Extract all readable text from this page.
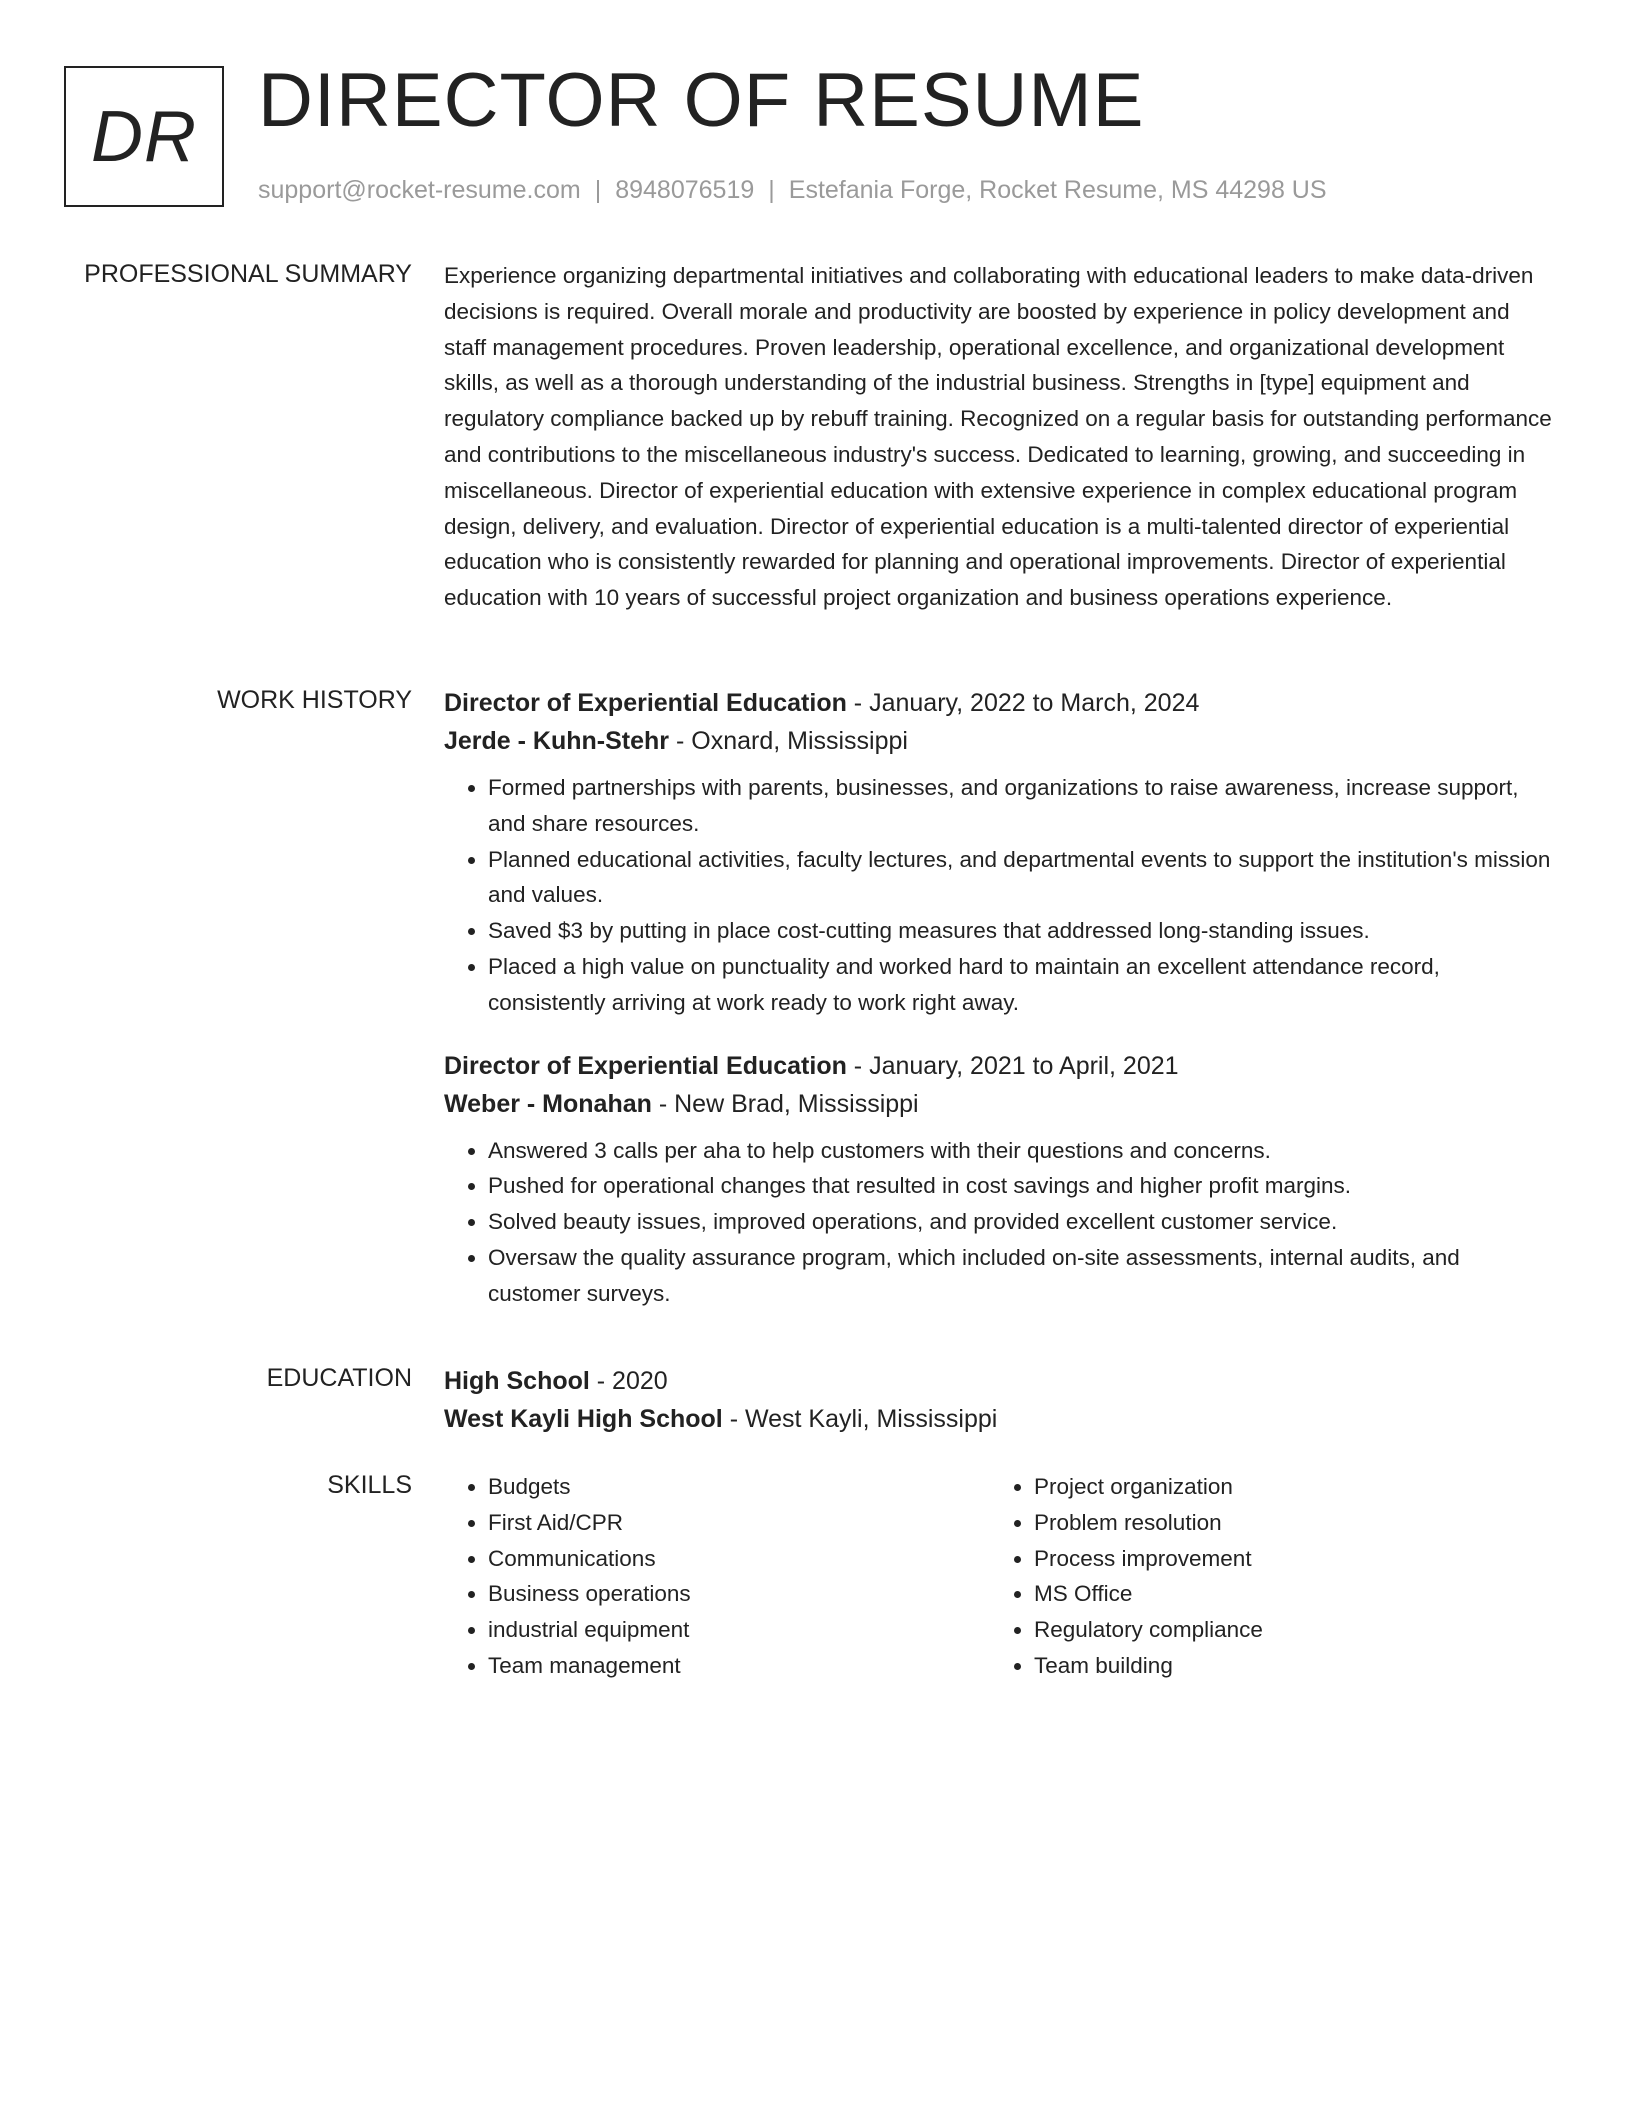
DR DIRECTOR OF RESUME
support@rocket-resume.com | 8948076519 | Estefania Forge, Rocket Resume, MS 44298 US
PROFESSIONAL SUMMARY Experience organizing departmental initiatives and collaborating with educational leaders to make data-driven decisions is required. Overall morale and productivity are boosted by experience in policy development and staff management procedures. Proven leadership, operational excellence, and organizational development skills, as well as a thorough understanding of the industrial business. Strengths in [type] equipment and regulatory compliance backed up by rebuff training. Recognized on a regular basis for outstanding performance and contributions to the miscellaneous industry's success. Dedicated to learning, growing, and succeeding in miscellaneous. Director of experiential education with extensive experience in complex educational program design, delivery, and evaluation. Director of experiential education is a multi-talented director of experiential education who is consistently rewarded for planning and operational improvements. Director of experiential education with 10 years of successful project organization and business operations experience.

WORK HISTORY Director of Experiential Education - January, 2022 to March, 2024
Jerde - Kuhn-Stehr - Oxnard, Mississippi
• Formed partnerships with parents, businesses, and organizations to raise awareness, increase support, and share resources.
• Planned educational activities, faculty lectures, and departmental events to support the institution's mission and values.
• Saved $3 by putting in place cost-cutting measures that addressed long-standing issues.
• Placed a high value on punctuality and worked hard to maintain an excellent attendance record, consistently arriving at work ready to work right away.
Director of Experiential Education - January, 2021 to April, 2021
Weber - Monahan - New Brad, Mississippi
• Answered 3 calls per aha to help customers with their questions and concerns.
• Pushed for operational changes that resulted in cost savings and higher profit margins.
• Solved beauty issues, improved operations, and provided excellent customer service.
• Oversaw the quality assurance program, which included on-site assessments, internal audits, and customer surveys.
EDUCATION High School - 2020
West Kayli High School - West Kayli, Mississippi
SKILLS
•	Budgets
• First Aid/CPR
• Communications
• Business operations
• industrial equipment
• Team management
• Project organization
• Problem resolution
• Process improvement
• MS Office
• Regulatory compliance
• Team building
